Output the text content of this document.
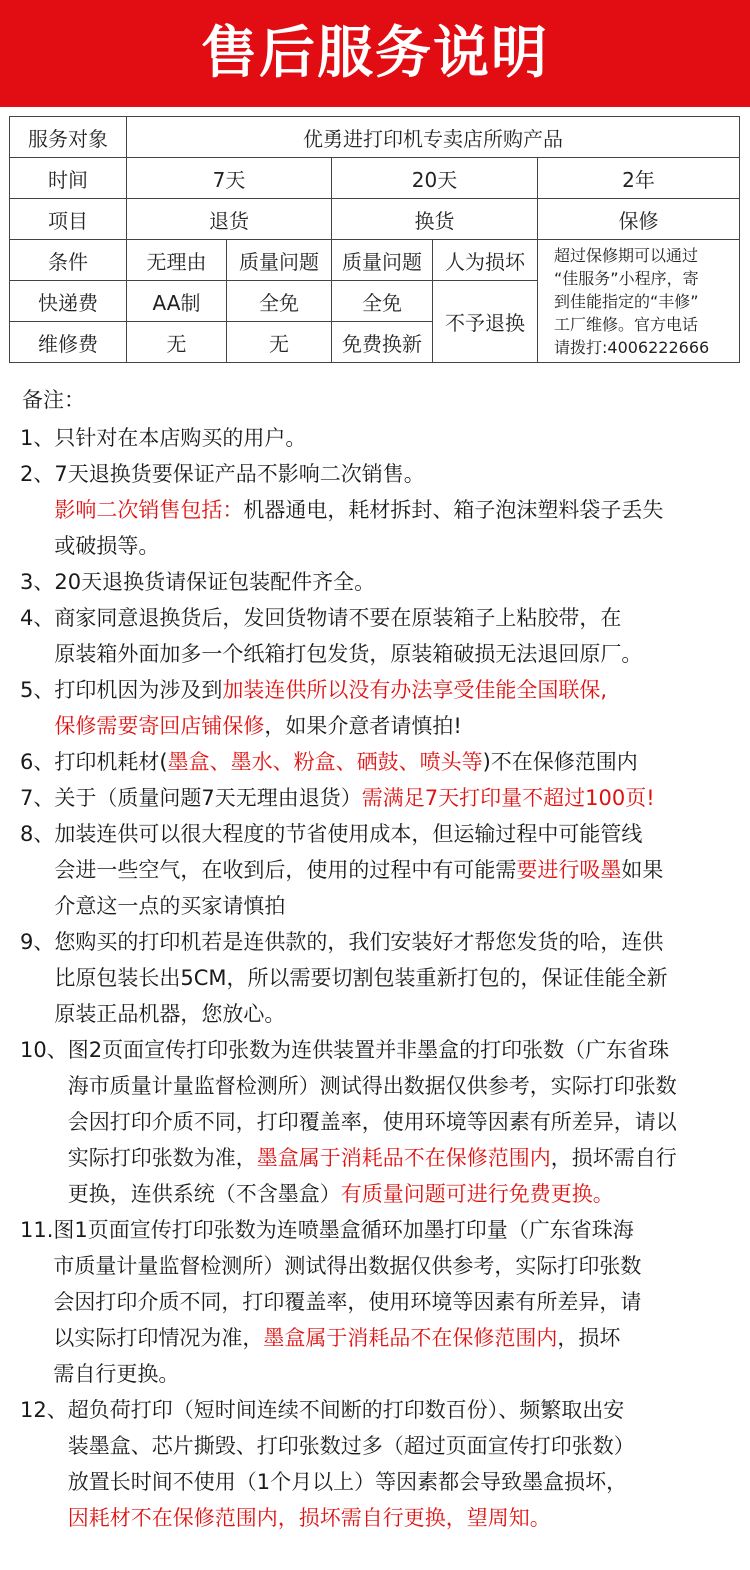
售后服务说明
服务对象	优勇进打印机专卖店所购产品				
时间	7天		20天		2年
项目	退货		换货		保修
条件	无理由	质量问题	质量问题	人为损坏	超过保修期可以通过
“佳服务”小程序，寄
到佳能指定的“丰修”
工厂维修。官方电话
请拨打:4006222666

快递费	AA制	全免	全免	不予退换	
维修费	无	无	免费换新		
备注：
1、 只针对在本店购买的用户。
2、 7天退换货要保证产品不影响二次销售。
影响二次销售包括：机器通电，耗材拆封、箱子泡沫塑料袋子丢失
或破损等。
3、 20天退换货请保证包装配件齐全。
4、 商家同意退换货后，发回货物请不要在原装箱子上粘胶带，在
原装箱外面加多一个纸箱打包发货，原装箱破损无法退回原厂。
5、 打印机因为涉及到加装连供所以没有办法享受佳能全国联保,
保修需要寄回店铺保修，如果介意者请慎拍!
6、 打印机耗材(墨盒、墨水、粉盒、硒鼓、喷头等)不在保修范围内
7、 关于（质量问题7天无理由退货）需满足7天打印量不超过100页!
8、 加装连供可以很大程度的节省使用成本，但运输过程中可能管线
会进一些空气，在收到后，使用的过程中有可能需要进行吸墨如果
介意这一点的买家请慎拍
9、 您购买的打印机若是连供款的，我们安装好才帮您发货的哈，连供
比原包装长出5CM，所以需要切割包装重新打包的，保证佳能全新
原装正品机器，您放心。
10、 图2页面宣传打印张数为连供装置并非墨盒的打印张数（广东省珠
海市质量计量监督检测所）测试得出数据仅供参考，实际打印张数
会因打印介质不同，打印覆盖率，使用环境等因素有所差异，请以
实际打印张数为准，墨盒属于消耗品不在保修范围内，损坏需自行
更换，连供系统（不含墨盒）有质量问题可进行免费更换。
11. 图1页面宣传打印张数为连喷墨盒循环加墨打印量（广东省珠海
市质量计量监督检测所）测试得出数据仅供参考，实际打印张数
会因打印介质不同，打印覆盖率，使用环境等因素有所差异，请
以实际打印情况为准，墨盒属于消耗品不在保修范围内，损坏
需自行更换。
12、 超负荷打印（短时间连续不间断的打印数百份）、频繁取出安
装墨盒、芯片撕毁、打印张数过多（超过页面宣传打印张数）
放置长时间不使用（1个月以上）等因素都会导致墨盒损坏，
因耗材不在保修范围内，损坏需自行更换，望周知。
